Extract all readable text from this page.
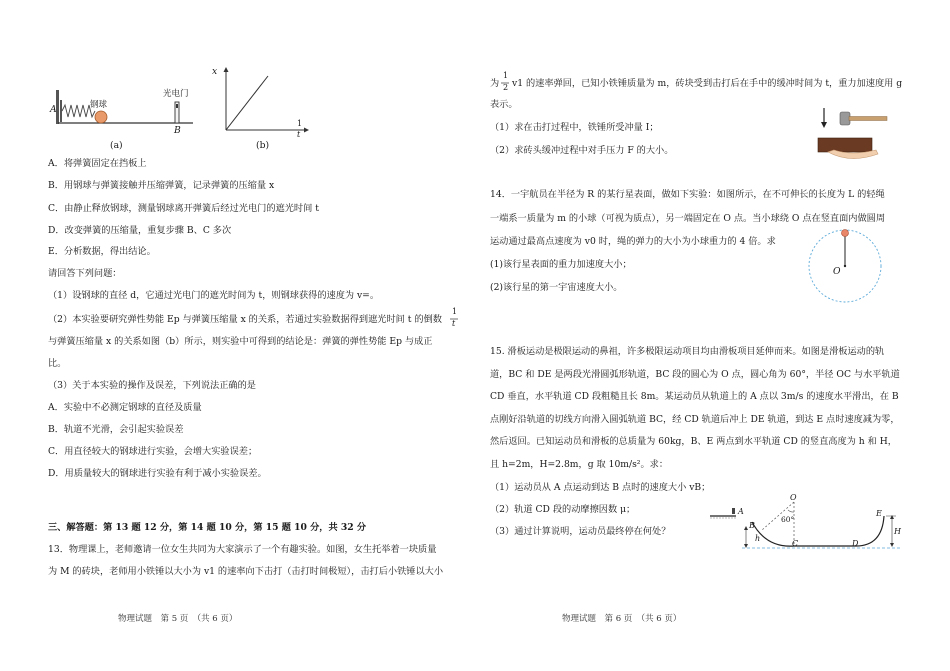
A	钢球
光电门
B
(a)
x
1
t
(b)
A．将弹簧固定在挡板上
B．用钢球与弹簧接触并压缩弹簧，记录弹簧的压缩量 x
C．由静止释放钢球，测量钢球离开弹簧后经过光电门的遮光时间 t
D．改变弹簧的压缩量，重复步骤 B、C 多次
E．分析数据，得出结论。
请回答下列问题：
（1）设钢球的直径 d，它通过光电门的遮光时间为 t，则钢球获得的速度为 v=。
（2）本实验要研究弹性势能 Ep 与弹簧压缩量 x 的关系，若通过实验数据得到遮光时间 t 的倒数
1
t
与弹簧压缩量 x 的关系如图（b）所示，则实验中可得到的结论是：弹簧的弹性势能 Ep 与成正
比。
（3）关于本实验的操作及误差，下列说法正确的是
A．实验中不必测定钢球的直径及质量
B．轨道不光滑，会引起实验误差
C．用直径较大的钢球进行实验，会增大实验误差；
D．用质量较大的钢球进行实验有利于减小实验误差。
三、解答题：第 13 题 12 分，第 14 题 10 分，第 15 题 10 分，共 32 分
13．物理课上，老师邀请一位女生共同为大家演示了一个有趣实验。如图，女生托举着一块质量
为 M 的砖块，老师用小铁锤以大小为 v1 的速率向下击打（击打时间极短），击打后小铁锤以大小
物理试题　第 5 页　（共 6 页）
为
1
2 v1 的速率弹回，已知小铁锤质量为 m，砖块受到击打后在手中的缓冲时间为 t，重力加速度用 g
表示。
（1）求在击打过程中，铁锤所受冲量 I；
（2）求砖头缓冲过程中对手压力 F 的大小。
14．一宇航员在半径为 R 的某行星表面，做如下实验：如图所示，在不可伸长的长度为 L 的轻绳
一端系一质量为 m 的小球（可视为质点），另一端固定在 O 点。当小球绕 O 点在竖直面内做圆周
运动通过最高点速度为 v0 时，绳的弹力的大小为小球重力的 4 倍。求
(1)该行星表面的重力加速度大小；
(2)该行星的第一宇宙速度大小。
O
15. 滑板运动是极限运动的鼻祖，许多极限运动项目均由滑板项目延伸而来。如图是滑板运动的轨
道，BC 和 DE 是两段光滑圆弧形轨道，BC 段的圆心为 O 点，圆心角为 60°，半径 OC 与水平轨道
CD 垂直，水平轨道 CD 段粗糙且长 8m。某运动员从轨道上的 A 点以 3m/s 的速度水平滑出，在 B
点刚好沿轨道的切线方向滑入圆弧轨道 BC，经 CD 轨道后冲上 DE 轨道，到达 E 点时速度减为零，
然后返回。已知运动员和滑板的总质量为 60kg，B、E 两点到水平轨道 CD 的竖直高度为 h 和 H，
且 h=2m，H=2.8m，g 取 10m/s²。求：
（1）运动员从 A 点运动到达 B 点时的速度大小 vB；
（2）轨道 CD 段的动摩擦因数 μ；
（3）通过计算说明，运动员最终停在何处？
O
A
60°
B
h
C	D
E
H
物理试题　第 6 页　（共 6 页）
